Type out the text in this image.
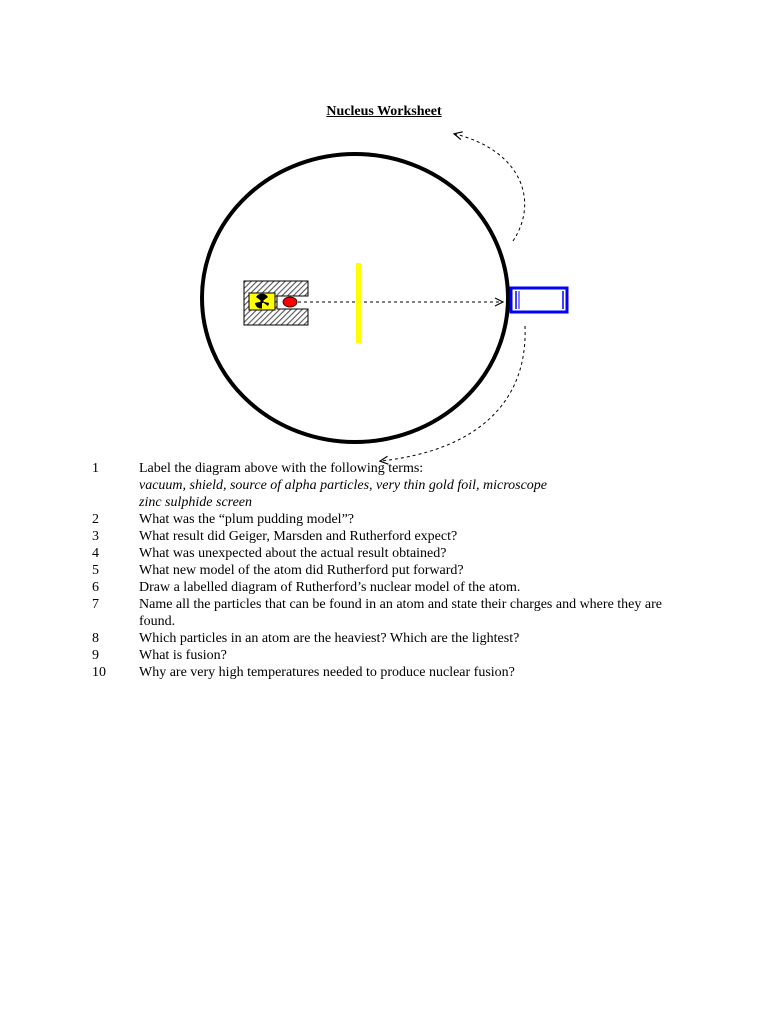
Nucleus Worksheet
1	Label the diagram above with the following terms:
vacuum, shield, source of alpha particles, very thin gold foil, microscope
zinc sulphide screen
2	What was the “plum pudding model”?
3	What result did Geiger, Marsden and Rutherford expect?
4	What was unexpected about the actual result obtained?
5	What new model of the atom did Rutherford put forward?
6	Draw a labelled diagram of Rutherford’s nuclear model of the atom.
7	Name all the particles that can be found in an atom and state their charges and where they are found.
8	Which particles in an atom are the heaviest? Which are the lightest?
9	What is fusion?
10 Why are very high temperatures needed to produce nuclear fusion?
